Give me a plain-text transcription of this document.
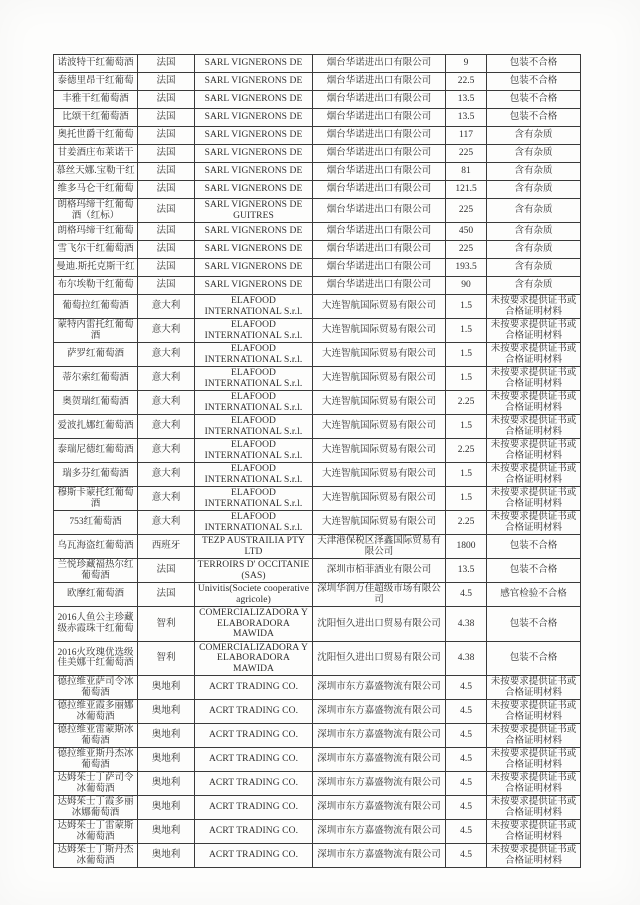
诺波特干红葡萄酒	法国	SARL VIGNERONS DE	烟台华诺进出口有限公司	9	包装不合格
泰德里昂干红葡萄	法国	SARL VIGNERONS DE	烟台华诺进出口有限公司	22.5	包装不合格
丰雅干红葡萄酒	法国	SARL VIGNERONS DE	烟台华诺进出口有限公司	13.5	包装不合格
比颂干红葡萄酒	法国	SARL VIGNERONS DE	烟台华诺进出口有限公司	13.5	包装不合格
奥托世爵干红葡萄	法国	SARL VIGNERONS DE	烟台华诺进出口有限公司	117	含有杂质
甘姜酒庄布莱诺干	法国	SARL VIGNERONS DE	烟台华诺进出口有限公司	225	含有杂质
慕丝天娜.宝勒干红	法国	SARL VIGNERONS DE	烟台华诺进出口有限公司	81	含有杂质
维多马仑干红葡萄	法国	SARL VIGNERONS DE	烟台华诺进出口有限公司	121.5	含有杂质
朗格玛缔干红葡萄酒（红标）	法国	SARL VIGNERONS DE GUITRES	烟台华诺进出口有限公司	225	含有杂质
朗格玛缔干红葡萄	法国	SARL VIGNERONS DE	烟台华诺进出口有限公司	450	含有杂质
雪飞尔干红葡萄酒	法国	SARL VIGNERONS DE	烟台华诺进出口有限公司	225	含有杂质
曼迪.斯托克斯干红	法国	SARL VIGNERONS DE	烟台华诺进出口有限公司	193.5	含有杂质
布尔埃勒干红葡萄	法国	SARL VIGNERONS DE	烟台华诺进出口有限公司	90	含有杂质
葡萄拉红葡萄酒	意大利	ELAFOOD INTERNATIONAL S.r.l.	大连智航国际贸易有限公司	1.5	未按要求提供证书或合格证明材料
蒙特内雷托红葡萄酒	意大利	ELAFOOD INTERNATIONAL S.r.l.	大连智航国际贸易有限公司	1.5	未按要求提供证书或合格证明材料
萨罗红葡萄酒	意大利	ELAFOOD INTERNATIONAL S.r.l.	大连智航国际贸易有限公司	1.5	未按要求提供证书或合格证明材料
蒂尔索红葡萄酒	意大利	ELAFOOD INTERNATIONAL S.r.l.	大连智航国际贸易有限公司	1.5	未按要求提供证书或合格证明材料
奥贺瑞红葡萄酒	意大利	ELAFOOD INTERNATIONAL S.r.l.	大连智航国际贸易有限公司	2.25	未按要求提供证书或合格证明材料
爱波扎娜红葡萄酒	意大利	ELAFOOD INTERNATIONAL S.r.l.	大连智航国际贸易有限公司	1.5	未按要求提供证书或合格证明材料
泰瑞尼德红葡萄酒	意大利	ELAFOOD INTERNATIONAL S.r.l.	大连智航国际贸易有限公司	2.25	未按要求提供证书或合格证明材料
瑞多芬红葡萄酒	意大利	ELAFOOD INTERNATIONAL S.r.l.	大连智航国际贸易有限公司	1.5	未按要求提供证书或合格证明材料
穆斯卡蒙托红葡萄酒	意大利	ELAFOOD INTERNATIONAL S.r.l.	大连智航国际贸易有限公司	1.5	未按要求提供证书或合格证明材料
753红葡萄酒	意大利	ELAFOOD INTERNATIONAL S.r.l.	大连智航国际贸易有限公司	2.25	未按要求提供证书或合格证明材料
乌瓦海盗红葡萄酒	西班牙	TEZP AUSTRAILIA PTY LTD	天津港保税区泽鑫国际贸易有限公司	1800	包装不合格
兰悦珍藏福热尔红葡萄酒	法国	TERROIRS D' OCCITANIE (SAS)	深圳市栢菲酒业有限公司	13.5	包装不合格
欧摩红葡萄酒	法国	Univitis(Societe cooperative agricole)	深圳华润万佳超级市场有限公司	4.5	感官检验不合格
2016人鱼公主珍藏级赤霞珠干红葡萄	智利	COMERCIALIZADORA Y ELABORADORA MAWIDA	沈阳恒久进出口贸易有限公司	4.38	包装不合格
2016火玫瑰优选级佳美娜干红葡萄酒	智利	COMERCIALIZADORA Y ELABORADORA MAWIDA	沈阳恒久进出口贸易有限公司	4.38	包装不合格
德拉维亚萨司令冰葡萄酒	奥地利	ACRT TRADING CO.	深圳市东方嘉盛物流有限公司	4.5	未按要求提供证书或合格证明材料
德拉维亚霞多丽娜冰葡萄酒	奥地利	ACRT TRADING CO.	深圳市东方嘉盛物流有限公司	4.5	未按要求提供证书或合格证明材料
德拉维亚雷蒙斯冰葡萄酒	奥地利	ACRT TRADING CO.	深圳市东方嘉盛物流有限公司	4.5	未按要求提供证书或合格证明材料
德拉维亚斯丹杰冰葡萄酒	奥地利	ACRT TRADING CO.	深圳市东方嘉盛物流有限公司	4.5	未按要求提供证书或合格证明材料
达姆茱士丁萨司令冰葡萄酒	奥地利	ACRT TRADING CO.	深圳市东方嘉盛物流有限公司	4.5	未按要求提供证书或合格证明材料
达姆茱士丁霞多丽冰娜葡萄酒	奥地利	ACRT TRADING CO.	深圳市东方嘉盛物流有限公司	4.5	未按要求提供证书或合格证明材料
达姆茱士丁雷蒙斯冰葡萄酒	奥地利	ACRT TRADING CO.	深圳市东方嘉盛物流有限公司	4.5	未按要求提供证书或合格证明材料
达姆茱士丁斯丹杰冰葡萄酒	奥地利	ACRT TRADING CO.	深圳市东方嘉盛物流有限公司	4.5	未按要求提供证书或合格证明材料
